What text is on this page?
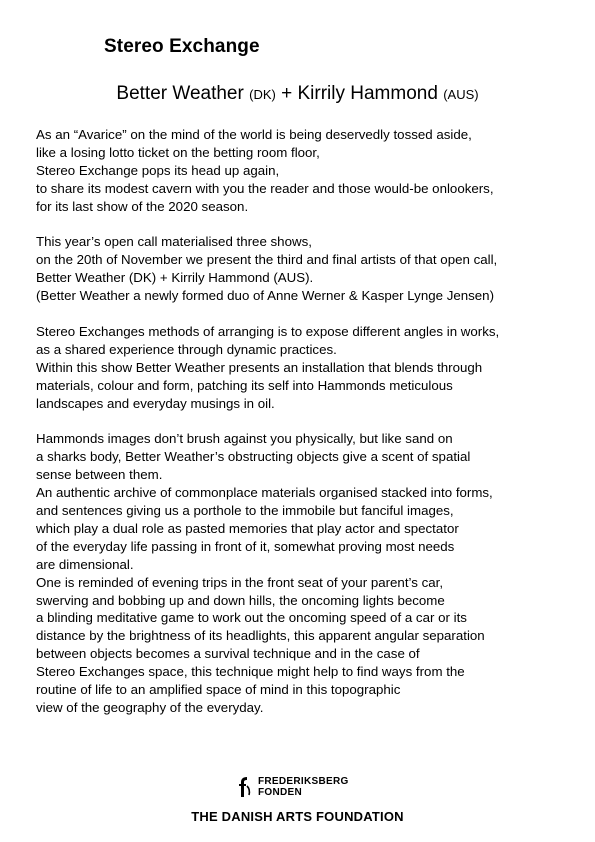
Stereo Exchange
Better Weather (DK) + Kirrily Hammond (AUS)
As an “Avarice” on the mind of the world is being deservedly tossed aside,
like a losing lotto ticket on the betting room floor,
Stereo Exchange pops its head up again,
to share its modest cavern with you the reader and those would-be onlookers,
for its last show of the 2020 season.
This year’s open call materialised three shows,
on the 20th of November we present the third and final artists of that open call,
Better Weather (DK) + Kirrily Hammond (AUS).
(Better Weather a newly formed duo of Anne Werner & Kasper Lynge Jensen)
Stereo Exchanges methods of arranging is to expose different angles in works,
as a shared experience through dynamic practices.
Within this show Better Weather presents an installation that blends through
materials, colour and form, patching its self into Hammonds meticulous
landscapes and everyday musings in oil.
Hammonds images don’t brush against you physically, but like sand on
a sharks body, Better Weather’s obstructing objects give a scent of spatial
sense between them.
An authentic archive of commonplace materials organised stacked into forms,
and sentences giving us a porthole to the immobile but fanciful images,
which play a dual role as pasted memories that play actor and spectator
of the everyday life passing in front of it, somewhat proving most needs
are dimensional.
One is reminded of evening trips in the front seat of your parent’s car,
swerving and bobbing up and down hills, the oncoming lights become
a blinding meditative game to work out the oncoming speed of a car or its
distance by the brightness of its headlights, this apparent angular separation
between objects becomes a survival technique and in the case of
Stereo Exchanges space, this technique might help to find ways from the
routine of life to an amplified space of mind in this topographic
view of the geography of the everyday.
FREDERIKSBERG
FONDEN
THE DANISH ARTS FOUNDATION
